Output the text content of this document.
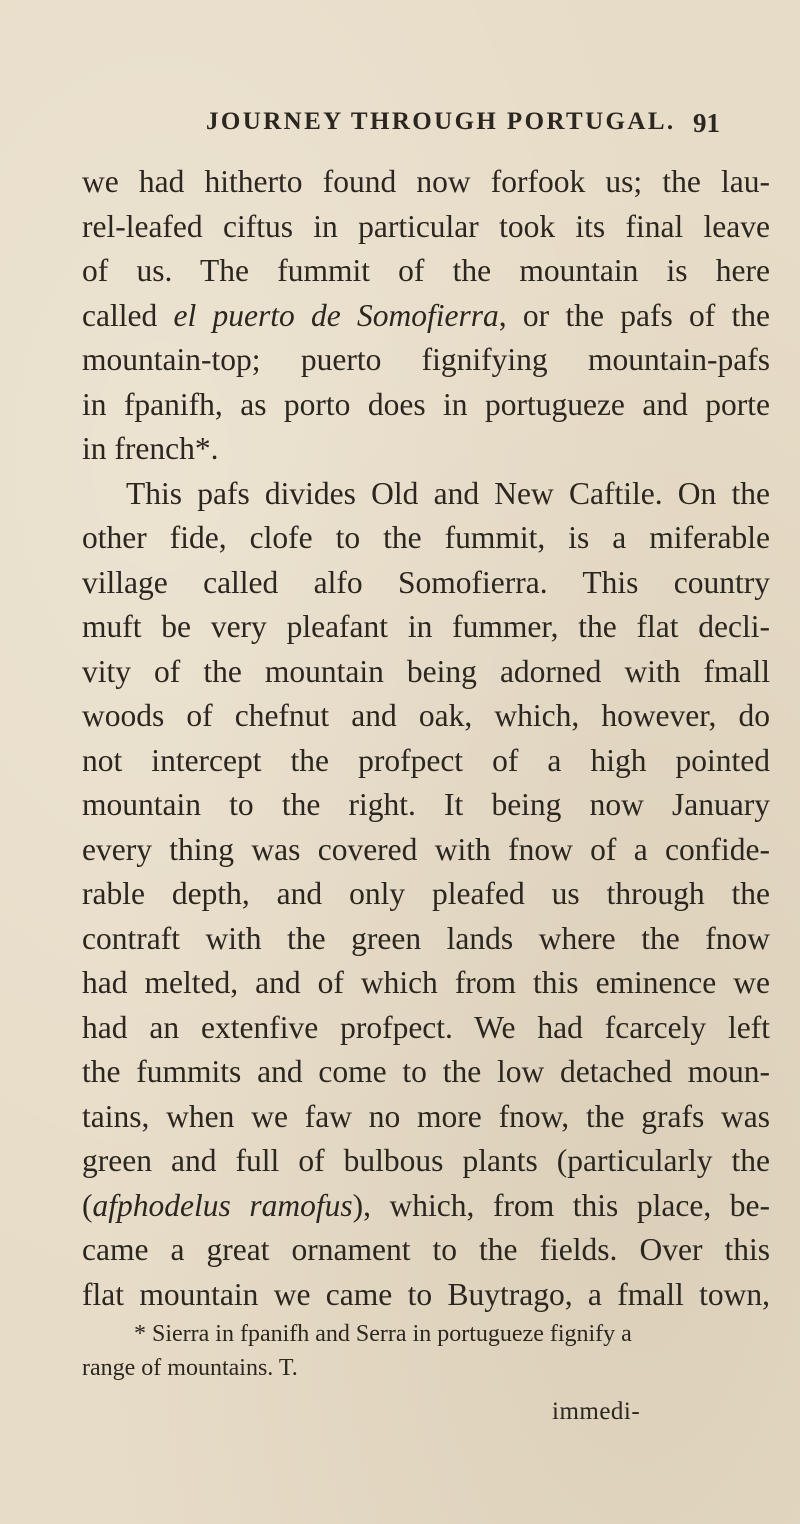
JOURNEY THROUGH PORTUGAL. 91
we had hitherto found now forfook us; the lau-
rel-leafed ciftus in particular took its final leave
of us. The fummit of the mountain is here
called el puerto de Somofierra, or the pafs of the
mountain-top; puerto fignifying mountain-pafs
in fpanifh, as porto does in portugueze and porte
in french*.
This pafs divides Old and New Caftile. On the
other fide, clofe to the fummit, is a miferable
village called alfo Somofierra. This country
muft be very pleafant in fummer, the flat decli-
vity of the mountain being adorned with fmall
woods of chefnut and oak, which, however, do
not intercept the profpect of a high pointed
mountain to the right. It being now January
every thing was covered with fnow of a confide-
rable depth, and only pleafed us through the
contraft with the green lands where the fnow
had melted, and of which from this eminence we
had an extenfive profpect. We had fcarcely left
the fummits and come to the low detached moun-
tains, when we faw no more fnow, the grafs was
green and full of bulbous plants (particularly the
(afphodelus ramofus), which, from this place, be-
came a great ornament to the fields. Over this
flat mountain we came to Buytrago, a fmall town,
* Sierra in fpanifh and Serra in portugueze fignify a
range of mountains. T.
immedi-
